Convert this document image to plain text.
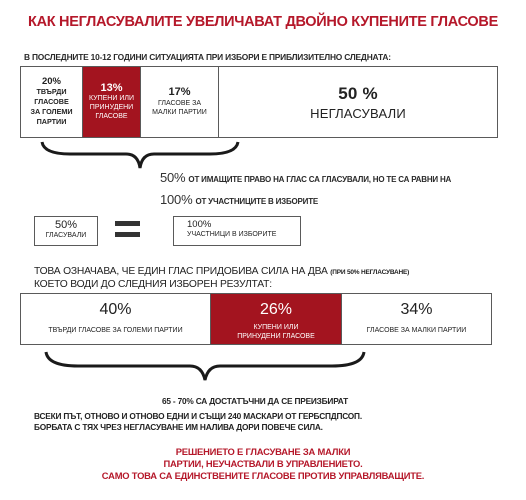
КАК НЕГЛАСУВАЛИТЕ УВЕЛИЧАВАТ ДВОЙНО КУПЕНИТЕ ГЛАСОВЕ
В ПОСЛЕДНИТЕ 10-12 ГОДИНИ СИТУАЦИЯТА ПРИ ИЗБОРИ Е ПРИБЛИЗИТЕЛНО СЛЕДНАТА:
20%
ТВЪРДИ
ГЛАСОВЕ
ЗА ГОЛЕМИ
ПАРТИИ
13%
КУПЕНИ ИЛИ
ПРИНУДЕНИ
ГЛАСОВЕ
17%
ГЛАСОВЕ ЗА
МАЛКИ ПАРТИИ
50 %
НЕГЛАСУВАЛИ
50% ОТ ИМАЩИТЕ ПРАВО НА ГЛАС СА ГЛАСУВАЛИ, НО ТЕ СА РАВНИ НА
100% ОТ УЧАСТНИЦИТЕ В ИЗБОРИТЕ
50%
ГЛАСУВАЛИ
100%
УЧАСТНИЦИ В ИЗБОРИТЕ
ТОВА ОЗНАЧАВА, ЧЕ ЕДИН ГЛАС ПРИДОБИВА СИЛА НА ДВА (ПРИ 50% НЕГЛАСУВАНЕ)
КОЕТО ВОДИ ДО СЛЕДНИЯ ИЗБОРЕН РЕЗУЛТАТ:
40%
ТВЪРДИ ГЛАСОВЕ ЗА ГОЛЕМИ ПАРТИИ
26%
КУПЕНИ ИЛИ
ПРИНУДЕНИ ГЛАСОВЕ
34%
ГЛАСОВЕ ЗА МАЛКИ ПАРТИИ
65 - 70% СА ДОСТАТЪЧНИ ДА СЕ ПРЕИЗБИРАТ
ВСЕКИ ПЪТ, ОТНОВО И ОТНОВО ЕДНИ И СЪЩИ 240 МАСКАРИ ОТ ГЕРБСПДПСОП.
БОРБАТА С ТЯХ ЧРЕЗ НЕГЛАСУВАНЕ ИМ НАЛИВА ДОРИ ПОВЕЧЕ СИЛА.
РЕШЕНИЕТО Е ГЛАСУВАНЕ ЗА МАЛКИ
ПАРТИИ, НЕУЧАСТВАЛИ В УПРАВЛЕНИЕТО.
САМО ТОВА СА ЕДИНСТВЕНИТЕ ГЛАСОВЕ ПРОТИВ УПРАВЛЯВАЩИТЕ.
